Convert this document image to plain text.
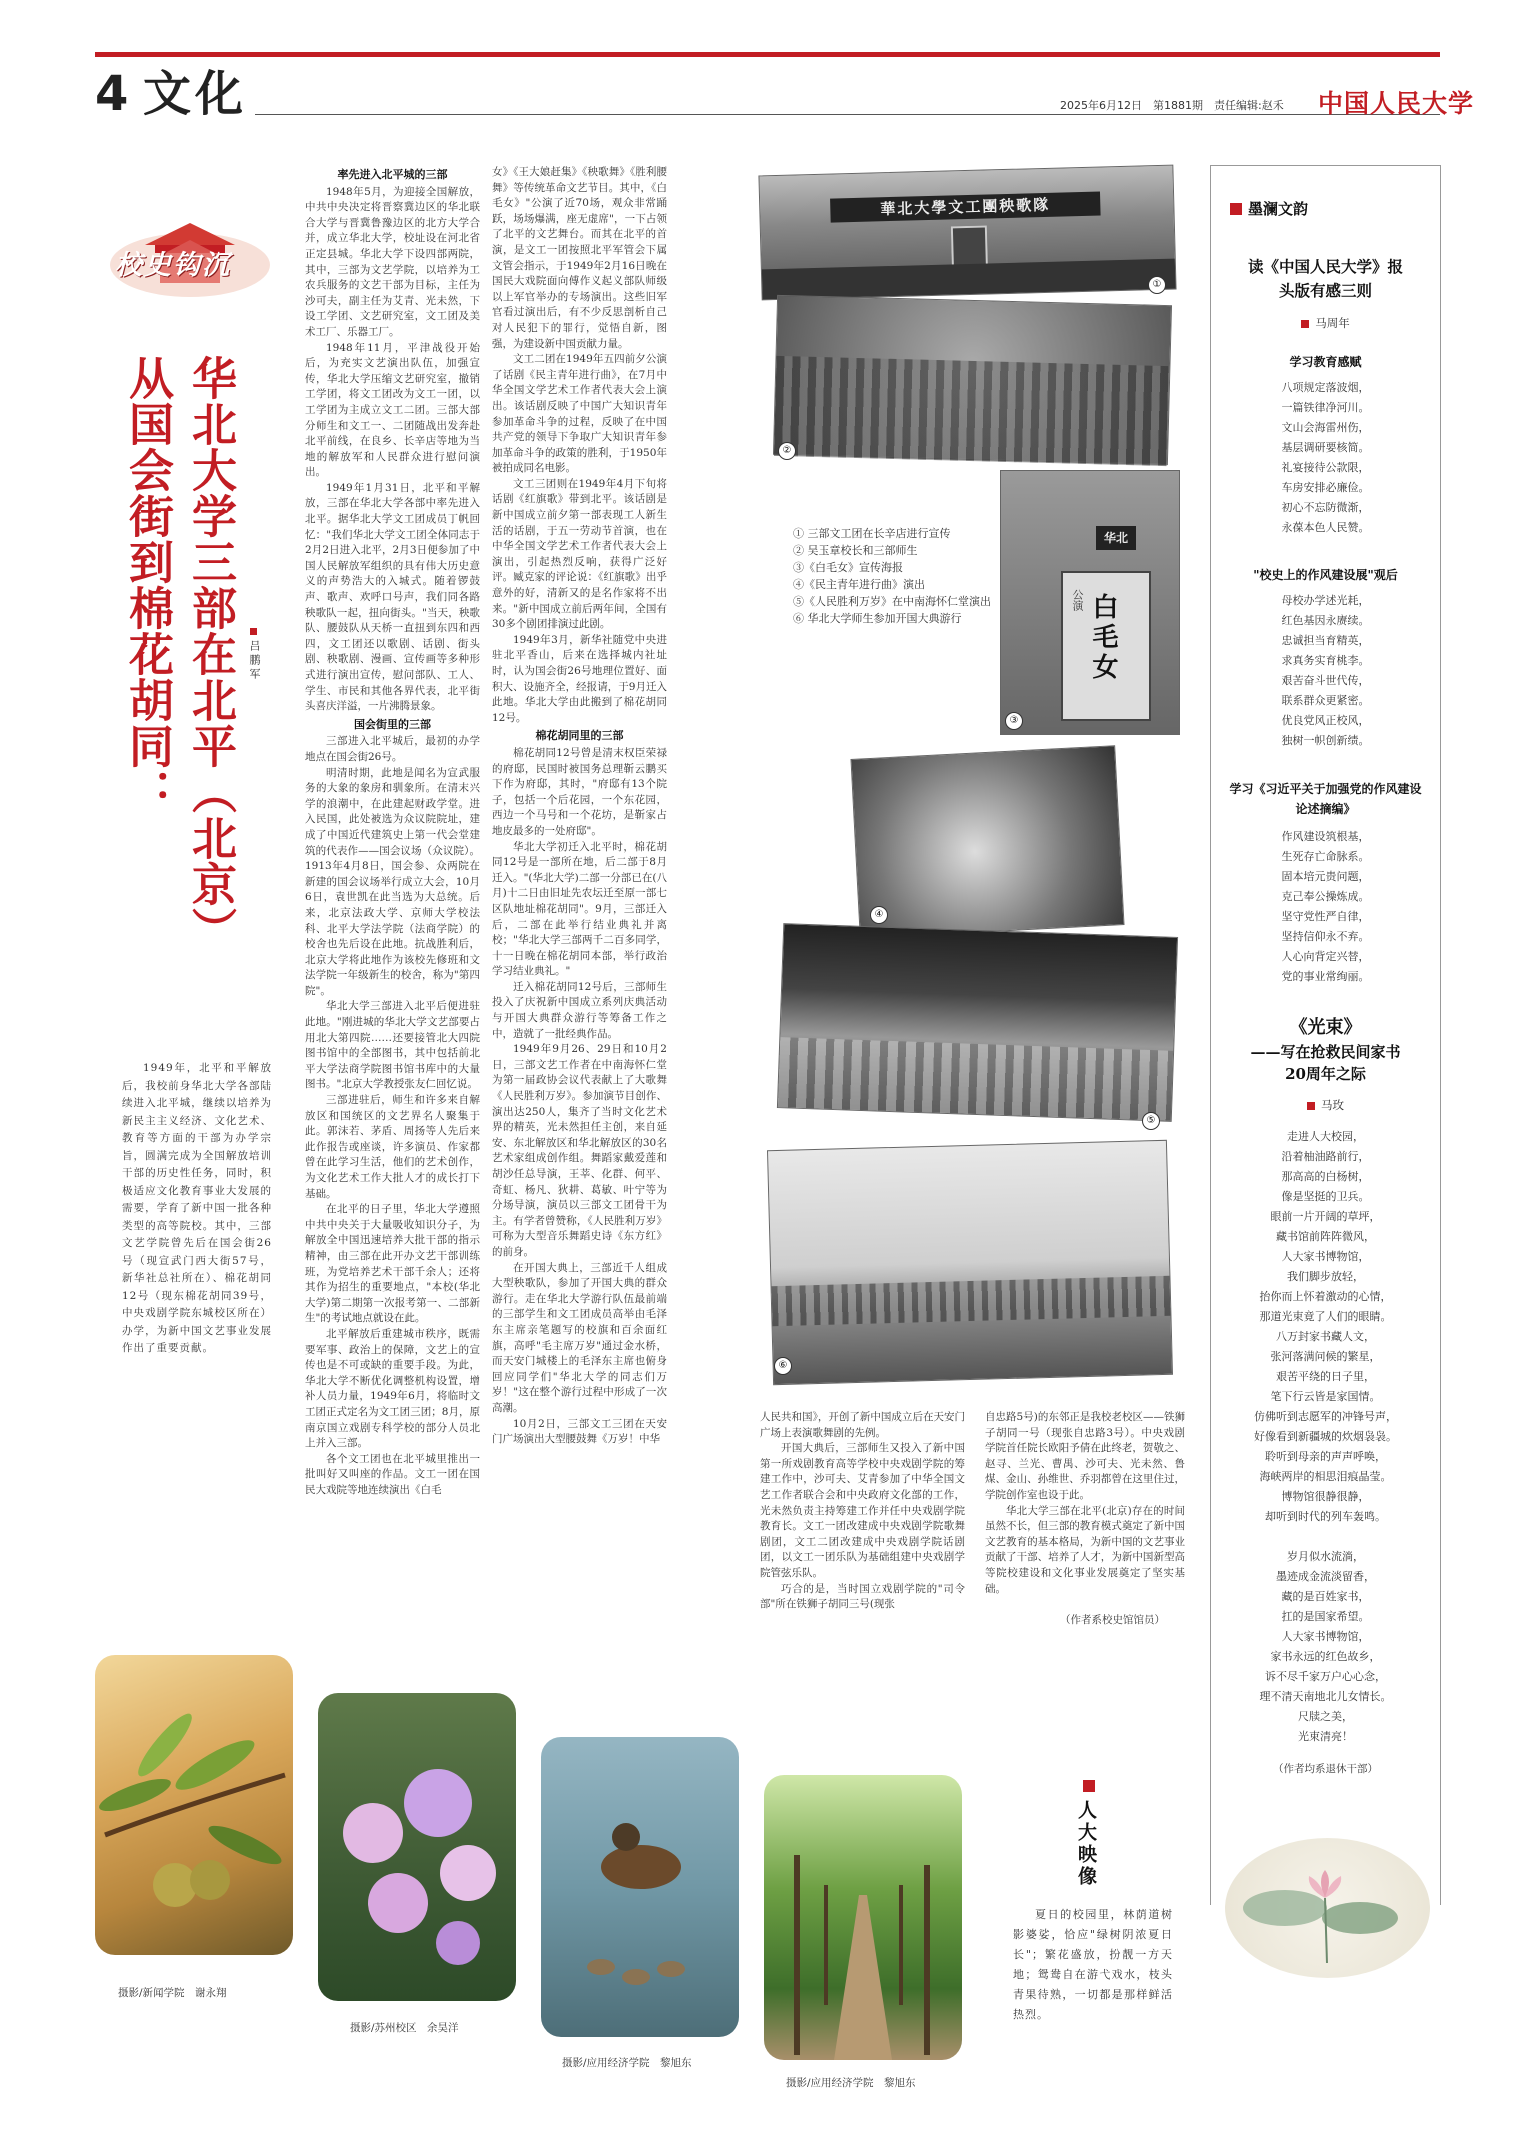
4 文化	2025年6月12日　第1881期　责任编辑:赵禾 中国人民大学
校史钩沉
华北大学三部在北平（北京）
从国会街到棉花胡同：	吕鹏军
1949年，北平和平解放后，我校前身华北大学各部陆续进入北平城，继续以培养为新民主主义经济、文化艺术、教育等方面的干部为办学宗旨，圆满完成为全国解放培训干部的历史性任务，同时，积极适应文化教育事业大发展的需要，学育了新中国一批各种类型的高等院校。其中，三部文艺学院曾先后在国会街26号（现宣武门西大街57号，新华社总社所在）、棉花胡同12号（现东棉花胡同39号，中央戏剧学院东城校区所在）办学，为新中国文艺事业发展作出了重要贡献。
率先进入北平城的三部
1948年5月，为迎接全国解放，中共中央决定将晋察冀边区的华北联合大学与晋冀鲁豫边区的北方大学合并，成立华北大学，校址设在河北省正定县城。华北大学下设四部两院，其中，三部为文艺学院，以培养为工农兵服务的文艺干部为目标，主任为沙可夫，副主任为艾青、光未然，下设工学团、文艺研究室，文工团及美术工厂、乐器工厂。
1948年11月，平津战役开始后，为充实文艺演出队伍，加强宣传，华北大学压缩文艺研究室，撤销工学团，将文工团改为文工一团，以工学团为主成立文工二团。三部大部分师生和文工一、二团随战出发奔赴北平前线，在良乡、长辛店等地为当地的解放军和人民群众进行慰问演出。
1949年1月31日，北平和平解放，三部在华北大学各部中率先进入北平。据华北大学文工团成员丁帆回忆："我们华北大学文工团全体同志于2月2日进入北平，2月3日便参加了中国人民解放军组织的具有伟大历史意义的声势浩大的入城式。随着锣鼓声、歌声、欢呼口号声，我们同各路秧歌队一起，扭向街头。"当天，秧歌队、腰鼓队从天桥一直扭到东四和西四，文工团还以歌剧、话剧、街头剧、秧歌剧、漫画、宣传画等多种形式进行演出宣传，慰问部队、工人、学生、市民和其他各界代表，北平街头喜庆洋溢，一片沸腾景象。
国会街里的三部
三部进入北平城后，最初的办学地点在国会街26号。
明清时期，此地是闻名为宣武服务的大象的象房和驯象所。在清末兴学的浪潮中，在此建起财政学堂。进入民国，此处被选为众议院院址，建成了中国近代建筑史上第一代会堂建筑的代表作——国会议场（众议院）。1913年4月8日，国会参、众两院在新建的国会议场举行成立大会，10月6日，袁世凯在此当选为大总统。后来，北京法政大学、京师大学校法科、北平大学法学院（法商学院）的校舍也先后设在此地。抗战胜利后，北京大学将此地作为该校先修班和文法学院一年级新生的校舍，称为"第四院"。
华北大学三部进入北平后便进驻此地。"刚进城的华北大学文艺部要占用北大第四院……还要接管北大四院图书馆中的全部图书，其中包括前北平大学法商学院图书馆书库中的大量图书。"北京大学教授张友仁回忆说。
三部进驻后，师生和许多来自解放区和国统区的文艺界名人聚集于此。郭沫若、茅盾、周扬等人先后来此作报告或座谈，许多演员、作家都曾在此学习生活，他们的艺术创作，为文化艺术工作大批人才的成长打下基础。
在北平的日子里，华北大学遵照中共中央关于大量吸收知识分子，为解放全中国迅速培养大批干部的指示精神，由三部在此开办文艺干部训练班，为党培养艺术干部千余人；还将其作为招生的重要地点，"本校(华北大学)第二期第一次报考第一、二部新生"的考试地点就设在此。
北平解放后重建城市秩序，既需要军事、政治上的保障，文艺上的宣传也是不可或缺的重要手段。为此，华北大学不断优化调整机构设置，增补人员力量，1949年6月，将临时文工团正式定名为文工团三团；8月，原南京国立戏剧专科学校的部分人员北上并入三部。
各个文工团也在北平城里推出一批叫好又叫座的作品。文工一团在国民大戏院等地连续演出《白毛
女》《王大娘赶集》《秧歌舞》《胜利腰舞》等传统革命文艺节目。其中，《白毛女》"公演了近70场，观众非常踊跃，场场爆满，座无虚席"，一下占领了北平的文艺舞台。而其在北平的首演，是文工一团按照北平军管会下属文管会指示，于1949年2月16日晚在国民大戏院面向傅作义起义部队师级以上军官举办的专场演出。这些旧军官看过演出后，有不少反思剖析自己对人民犯下的罪行，觉悟自新，图强，为建设新中国贡献力量。
文工二团在1949年五四前夕公演了话剧《民主青年进行曲》，在7月中华全国文学艺术工作者代表大会上演出。该话剧反映了中国广大知识青年参加革命斗争的过程，反映了在中国共产党的领导下争取广大知识青年参加革命斗争的政策的胜利，于1950年被拍成同名电影。
文工三团则在1949年4月下旬将话剧《红旗歌》带到北平。该话剧是新中国成立前夕第一部表现工人新生活的话剧，于五一劳动节首演，也在中华全国文学艺术工作者代表大会上演出，引起热烈反响，获得广泛好评。臧克家的评论说：《红旗歌》出乎意外的好，清新又的是名作家将不出来。"新中国成立前后两年间，全国有30多个剧团排演过此剧。
1949年3月，新华社随党中央进驻北平香山，后来在选择城内社址时，认为国会街26号地理位置好、面积大、设施齐全，经报请，于9月迁入此地。华北大学由此搬到了棉花胡同12号。
棉花胡同里的三部
棉花胡同12号曾是清末权臣荣禄的府邸，民国时被国务总理靳云鹏买下作为府邸，其时，"府邸有13个院子，包括一个后花园，一个东花园，西边一个马号和一个花坊，是靳家占地皮最多的一处府邸"。
华北大学初迁入北平时，棉花胡同12号是一部所在地，后二部于8月迁入。"(华北大学)二部一分部已在(八月)十二日由旧址先农坛迁至原一部七区队地址棉花胡同"。9月，三部迁入后，二部在此举行结业典礼并离校；"华北大学三部两千二百多同学，十一日晚在棉花胡同本部，举行政治学习结业典礼。"
迁入棉花胡同12号后，三部师生投入了庆祝新中国成立系列庆典活动与开国大典群众游行等筹备工作之中，造就了一批经典作品。
1949年9月26、29日和10月2日，三部文艺工作者在中南海怀仁堂为第一届政协会议代表献上了大歌舞《人民胜利万岁》。参加演节目创作、演出达250人，集齐了当时文化艺术界的精英，光未然担任主创，来自延安、东北解放区和华北解放区的30名艺术家组成创作组。舞蹈家戴爱莲和胡沙任总导演，王莘、化群、何平、奇虹、杨凡、狄耕、葛敏、叶宁等为分场导演，演员以三部文工团骨干为主。有学者曾赞称，《人民胜利万岁》可称为大型音乐舞蹈史诗《东方红》的前身。
在开国大典上，三部近千人组成大型秧歌队，参加了开国大典的群众游行。走在华北大学游行队伍最前端的三部学生和文工团成员高举由毛泽东主席亲笔题写的校旗和百余面红旗，高呼"毛主席万岁"通过金水桥，而天安门城楼上的毛泽东主席也俯身回应同学们"华北大学的同志们万岁！"这在整个游行过程中形成了一次高潮。
10月2日，三部文工三团在天安门广场演出大型腰鼓舞《万岁！中华
人民共和国》，开创了新中国成立后在天安门广场上表演歌舞剧的先例。
开国大典后，三部师生又投入了新中国第一所戏剧教育高等学校中央戏剧学院的筹建工作中，沙可夫、艾青参加了中华全国文艺工作者联合会和中央政府文化部的工作，光未然负责主持筹建工作并任中央戏剧学院教育长。文工一团改建成中央戏剧学院歌舞剧团，文工二团改建成中央戏剧学院话剧团，以文工一团乐队为基础组建中央戏剧学院管弦乐队。
巧合的是，当时国立戏剧学院的"司令部"所在铁狮子胡同三号(现张
自忠路5号)的东邻正是我校老校区——铁狮子胡同一号（现张自忠路3号）。中央戏剧学院首任院长欧阳予倩在此终老，贺敬之、赵寻、兰光、曹禺、沙可夫、光未然、鲁煤、金山、孙维世、乔羽都曾在这里住过，学院创作室也设于此。
华北大学三部在北平(北京)存在的时间虽然不长，但三部的教育模式奠定了新中国文艺教育的基本格局，为新中国的文艺事业贡献了干部、培养了人才，为新中国新型高等院校建设和文化事业发展奠定了坚实基础。
（作者系校史馆馆员）
華北大學文工團秧歌隊
①
②
① 三部文工团在长辛店进行宣传
② 吴玉章校长和三部师生
③《白毛女》宣传海报
④《民主青年进行曲》演出
⑤《人民胜利万岁》在中南海怀仁堂演出
⑥ 华北大学师生参加开国大典游行
华北
白毛女
公演
③
④
⑤
⑥
墨澜文韵
读《中国人民大学》报
头版有感三则
马周年
学习教育感赋
八项规定落波烟，
一篇铁律净河川。
文山会海雷州伤，
基层调研要核简。
礼宴接待公款限，
车房安排必廉俭。
初心不忘防微渐，
永葆本色人民赞。
"校史上的作风建设展"观后
母校办学述光耗，
红色基因永赓续。
忠诚担当育精英，
求真务实育桃李。
艰苦奋斗世代传，
联系群众更紧密。
优良党风正校风，
独树一帜创新绩。
学习《习近平关于加强党的作风建设论述摘编》
作风建设筑根基，
生死存亡命脉系。
固本培元贵问题，
克己奉公操炼成。
坚守党性严自律，
坚持信仰永不弃。
人心向背定兴替，
党的事业常绚丽。
《光束》
——写在抢救民间家书
20周年之际
马玫
走进人大校园，
沿着柚油路前行，
那高高的白杨树，
像是坚挺的卫兵。
眼前一片开阔的草坪，
藏书馆前阵阵微风，
人大家书博物馆，
我们脚步放轻，
抬你而上怀着激动的心情，
那道光束竟了人们的眼睛。
八万封家书藏人文，
张河落满问候的繁星，
艰苦平绕的日子里，
笔下行云皆是家国情。
仿佛听到志愿军的冲锋号声，
好像看到新疆城的炊烟袅袅。
聆听到母亲的声声呼唤，
海峡两岸的相思泪痕晶莹。
博物馆很静很静，
却听到时代的列车轰鸣。

岁月似水流淌，
墨迹成金流淡留香，
藏的是百姓家书，
扛的是国家希望。
人大家书博物馆，
家书永远的红色故乡，
诉不尽千家万户心心念，
理不清天南地北儿女情长。
尺牍之美，
光束清亮！
（作者均系退休干部）
摄影/新闻学院　谢永翔
摄影/苏州校区　余昊洋
摄影/应用经济学院　黎旭东
摄影/应用经济学院　黎旭东
人大映像
夏日的校园里，林荫道树影婆娑，恰应"绿树阴浓夏日长"；繁花盛放，扮靓一方天地；鸳鸯自在游弋戏水，枝头青果待熟，一切都是那样鲜活热烈。
